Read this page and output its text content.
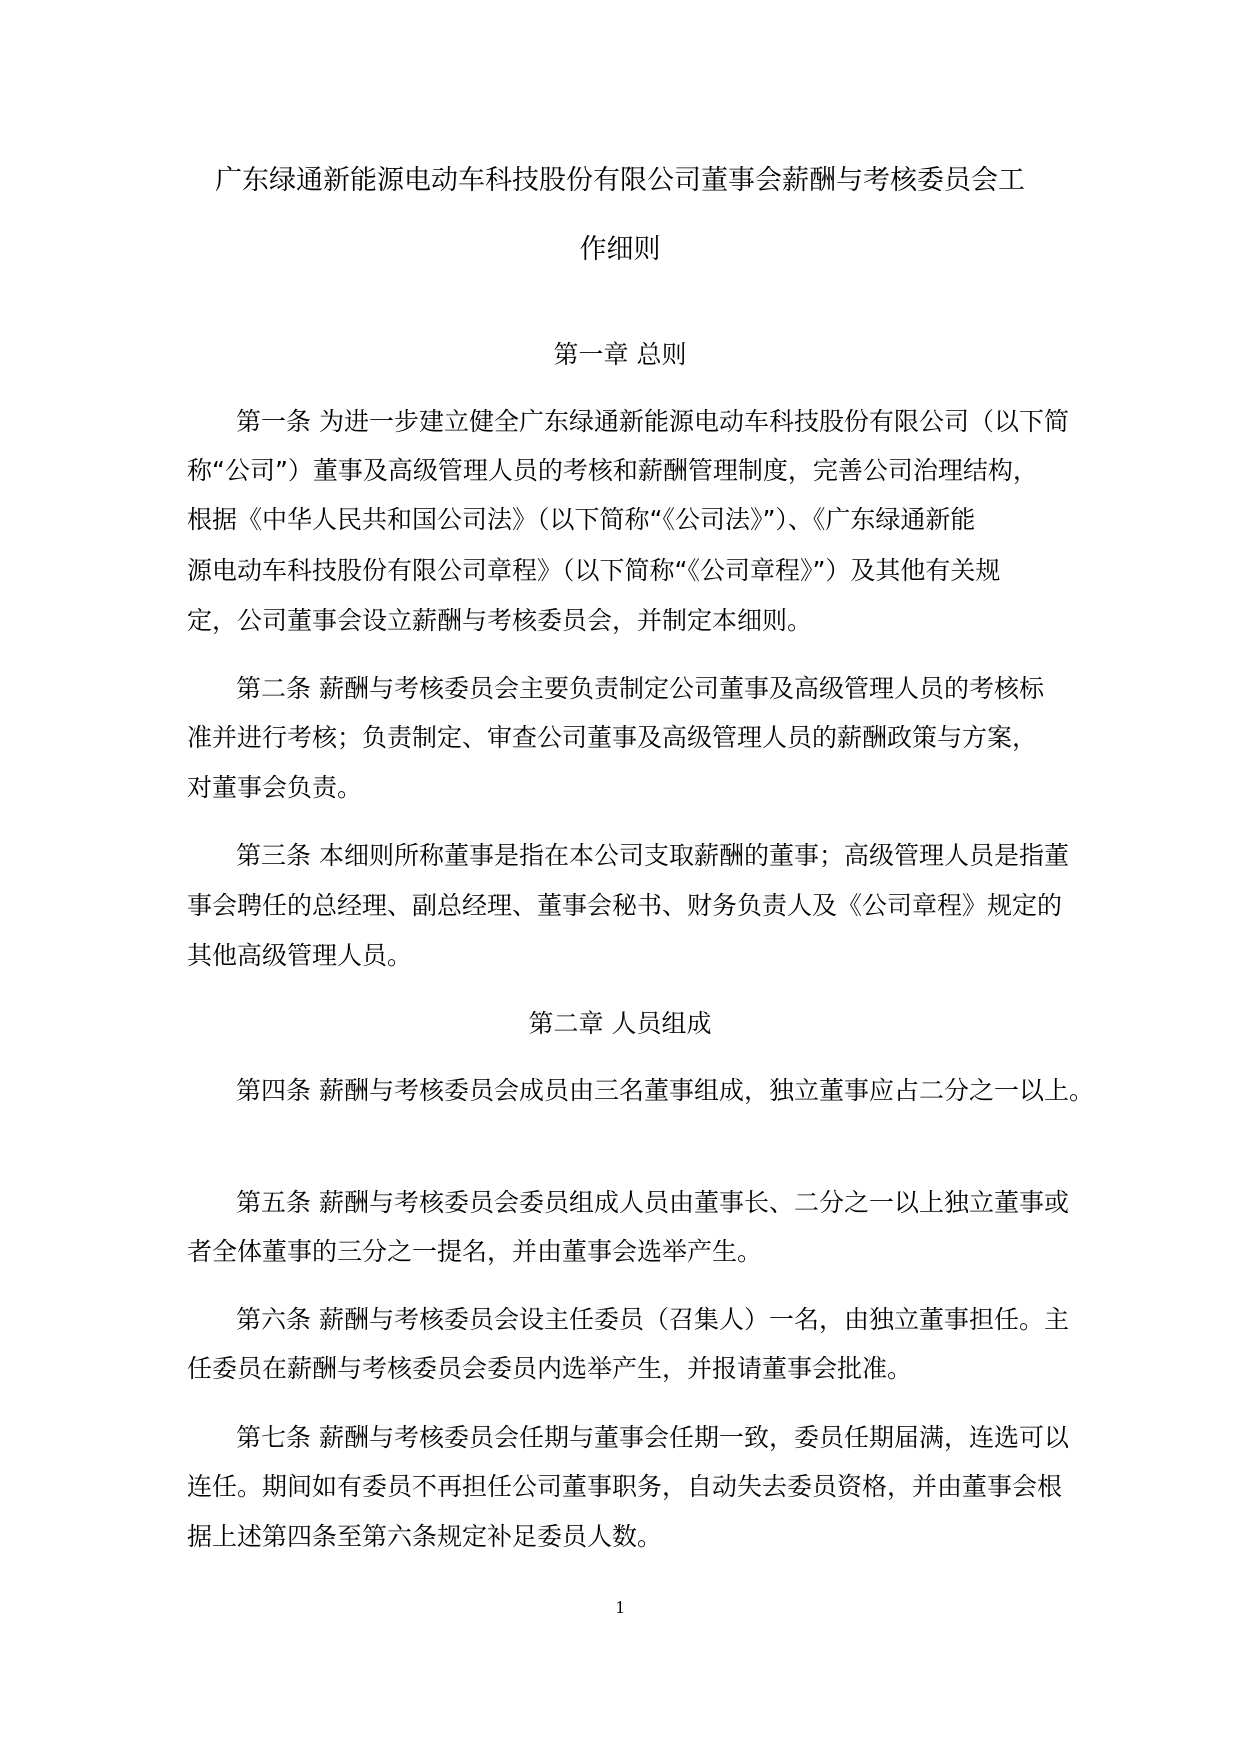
广东绿通新能源电动车科技股份有限公司董事会薪酬与考核委员会工
作细则
第一章 总则
第二章 人员组成
第一条 为进一步建立健全广东绿通新能源电动车科技股份有限公司（以下简
称“公司”）董事及高级管理人员的考核和薪酬管理制度，完善公司治理结构，
根据《中华人民共和国公司法》（以下简称“《公司法》”）、《广东绿通新能
源电动车科技股份有限公司章程》（以下简称“《公司章程》”）及其他有关规
定，公司董事会设立薪酬与考核委员会，并制定本细则。
第二条 薪酬与考核委员会主要负责制定公司董事及高级管理人员的考核标
准并进行考核；负责制定、审查公司董事及高级管理人员的薪酬政策与方案，
对董事会负责。
第三条 本细则所称董事是指在本公司支取薪酬的董事；高级管理人员是指董
事会聘任的总经理、副总经理、董事会秘书、财务负责人及《公司章程》规定的
其他高级管理人员。
第四条 薪酬与考核委员会成员由三名董事组成，独立董事应占二分之一以上。
第五条 薪酬与考核委员会委员组成人员由董事长、二分之一以上独立董事或
者全体董事的三分之一提名，并由董事会选举产生。
第六条 薪酬与考核委员会设主任委员（召集人）一名，由独立董事担任。主
任委员在薪酬与考核委员会委员内选举产生，并报请董事会批准。
第七条 薪酬与考核委员会任期与董事会任期一致，委员任期届满，连选可以
连任。期间如有委员不再担任公司董事职务，自动失去委员资格，并由董事会根
据上述第四条至第六条规定补足委员人数。
1
